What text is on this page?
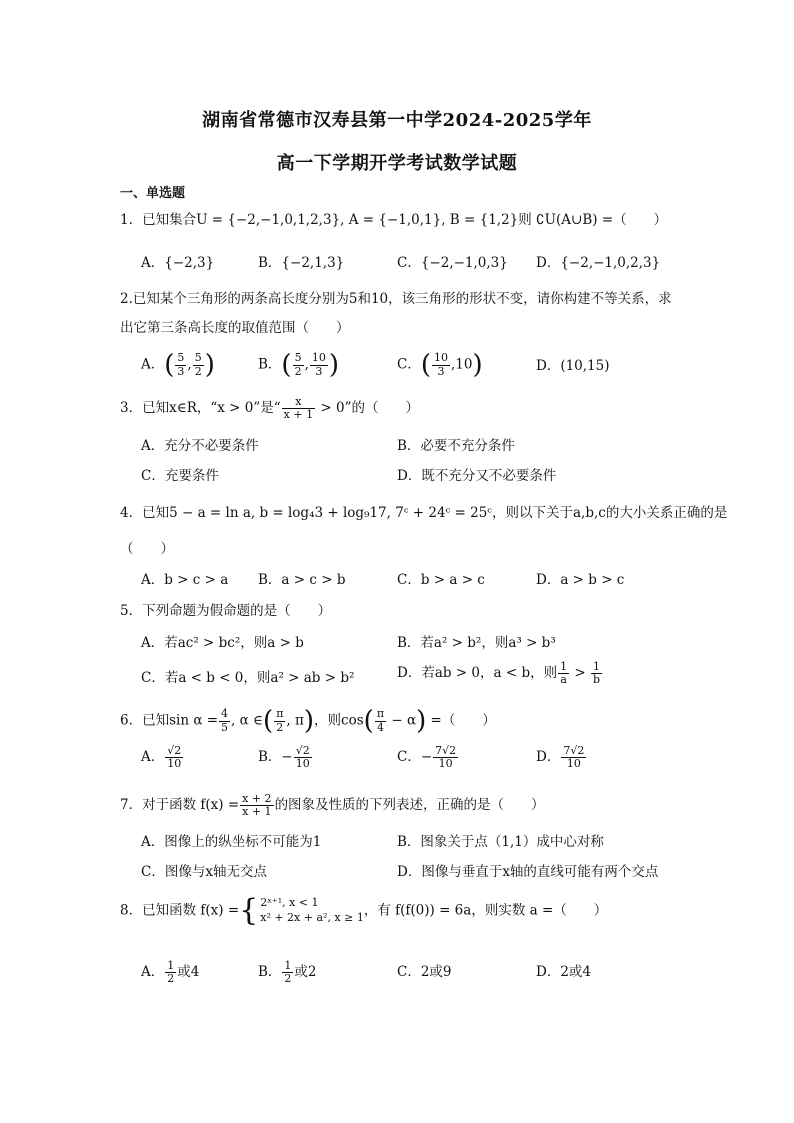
湖南省常德市汉寿县第一中学2024-2025学年
高一下学期开学考试数学试题
一、单选题
1．已知集合U = {−2,−1,0,1,2,3}, A = {−1,0,1}, B = {1,2}则 ∁U(A∪B) =（　　）
A．{−2,3}	B．{−2,1,3}	C．{−2,−1,0,3} D．{−2,−1,0,2,3}
2.已知某个三角形的两条高长度分别为5和10，该三角形的形状不变，请你构建不等关系，求出它第三条高长度的取值范围（　　）
A．( $\frac{5}{3}$ , $\frac{5}{2}$ )	B．( $\frac{5}{2}$ , $\frac{10}{3}$ )	C．( $\frac{10}{3} ,10$)	D．(10,15)
3．已知x∈R，“x > 0”是“ $\frac{x}{x + 1} > 0$”的（　　）
A．充分不必要条件	B．必要不充分条件
C．充要条件	D．既不充分又不必要条件
4．已知5 − a = ln a, b = log₄3 + log₉17, 7ᶜ + 24ᶜ = 25ᶜ，则以下关于a,b,c的大小关系正确的是
（　　）
A．b > c > a B．a > c > b	C．b > a > c	D．a > b > c
5．下列命题为假命题的是（　　）
A．若ac² > bc²，则a > b	B．若a² > b²，则a³ > b³
C．若a < b < 0，则a² > ab > b²	D．若ab > 0，a < b，则 $\frac{1}{a} > \frac{1}{b}$
6．已知$\sin \alpha = \frac{4}{5}$ , α ∈( $\frac{\pi}{2}$ , π)，则$\cos( \frac{\pi}{4} - \alpha)$ =（　　）
A． $\frac{√2}{10}$	B．− $\frac{√2}{10}$	C．− $\frac{7√2}{10}$	D． $\frac{7√2}{10}$
7．对于函数 $f(x) = \frac{x + 2}{x + 1}$ 的图象及性质的下列表述，正确的是（　　）
A．图像上的纵坐标不可能为1	B．图象关于点（1,1）成中心对称
C．图像与x轴无交点	D．图像与垂直于x轴的直线可能有两个交点
8．已知函数 f(x) ={ 2ˣ⁺¹, x < 1
x² + 2x + a², x ≥ 1 ，有 f(f(0)) = 6a，则实数 a =（　　）
A． $\frac{1}{2}$ 或4	B． $\frac{1}{2}$ 或2	C．2或9	D．2或4
